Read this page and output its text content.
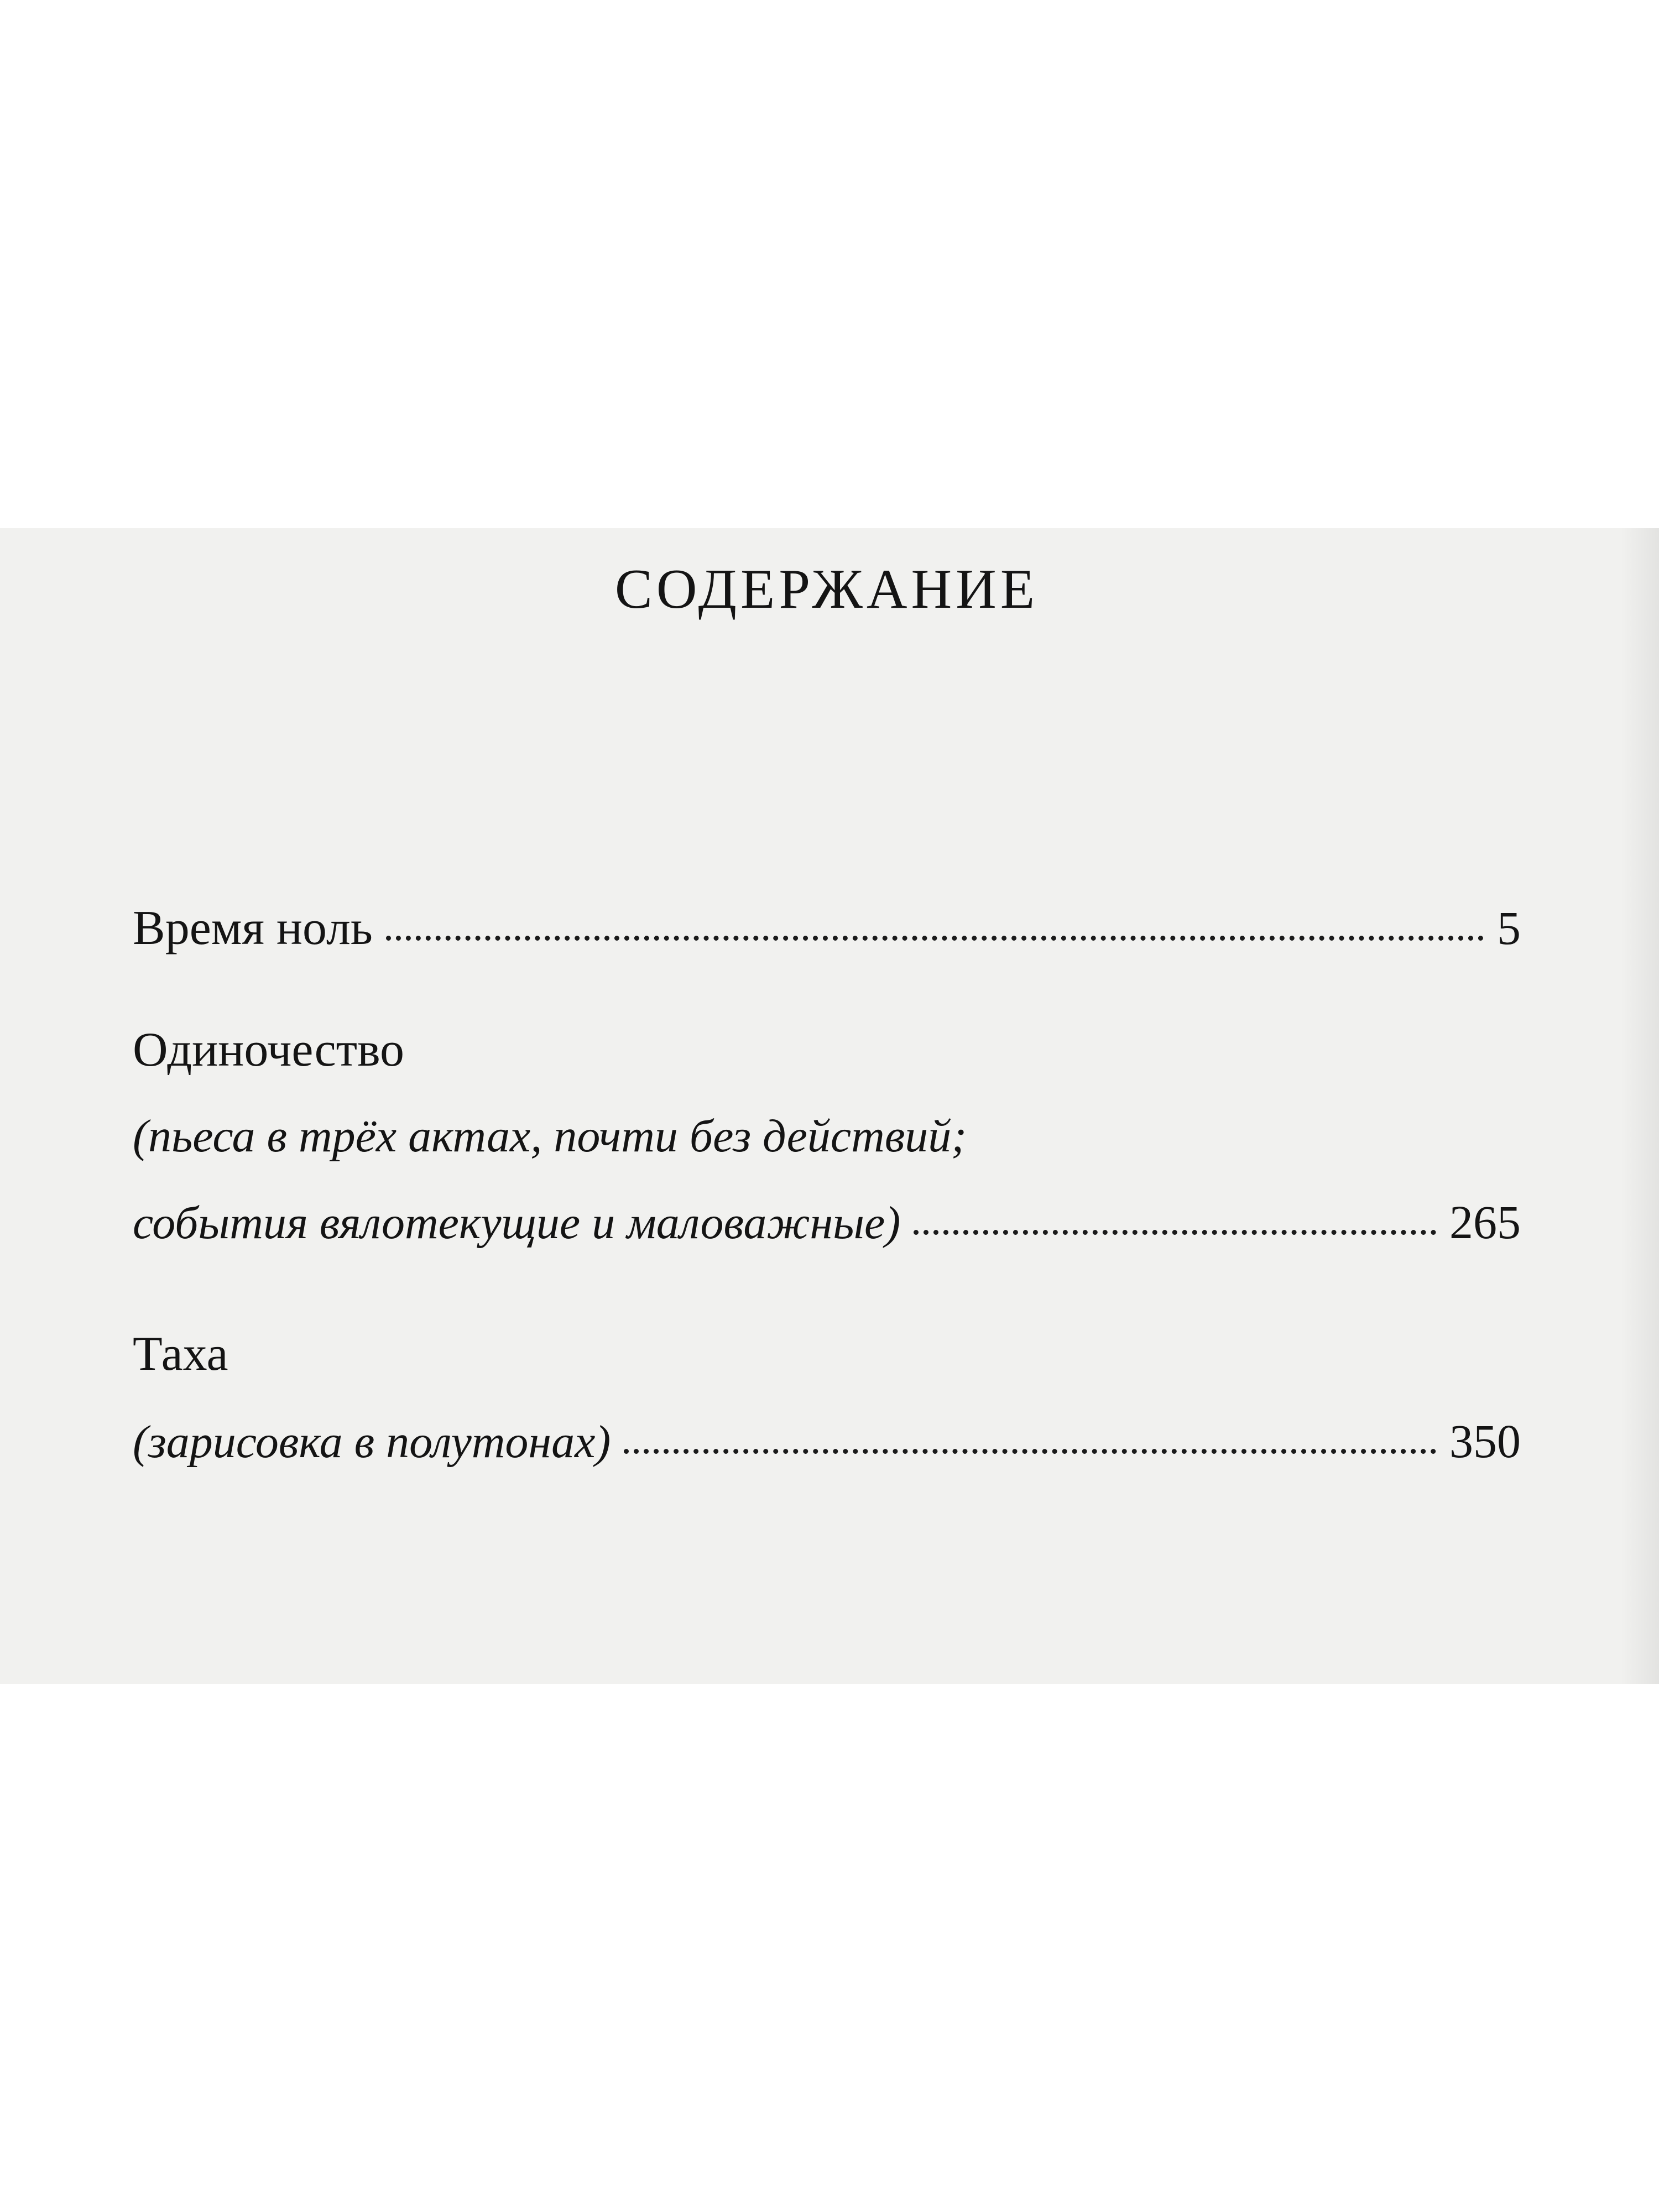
СОДЕРЖАНИЕ
Время ноль	5
Одиночество
(пьеса в трёх актах, почти без действий;
события вялотекущие и маловажные)	265
Таха
(зарисовка в полутонах)	350
